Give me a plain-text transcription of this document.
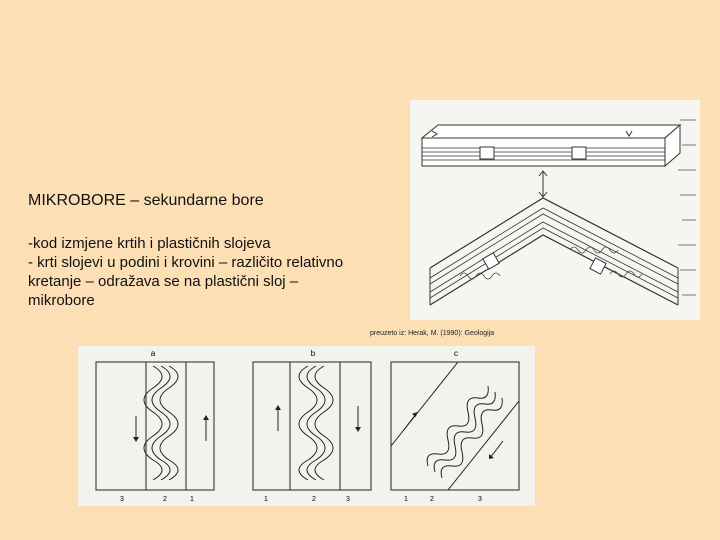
MIKROBORE – sekundarne bore

-kod izmjene krtih i plastičnih slojeva

- krti slojevi u podini i krovini – različito relativno

kretanje – odražava se na plastični sloj –

mikrobore

preuzeto iz: Herak, M. (1990): Geologija
a
3	2	1
b
1	2	3
c
1	2	3
